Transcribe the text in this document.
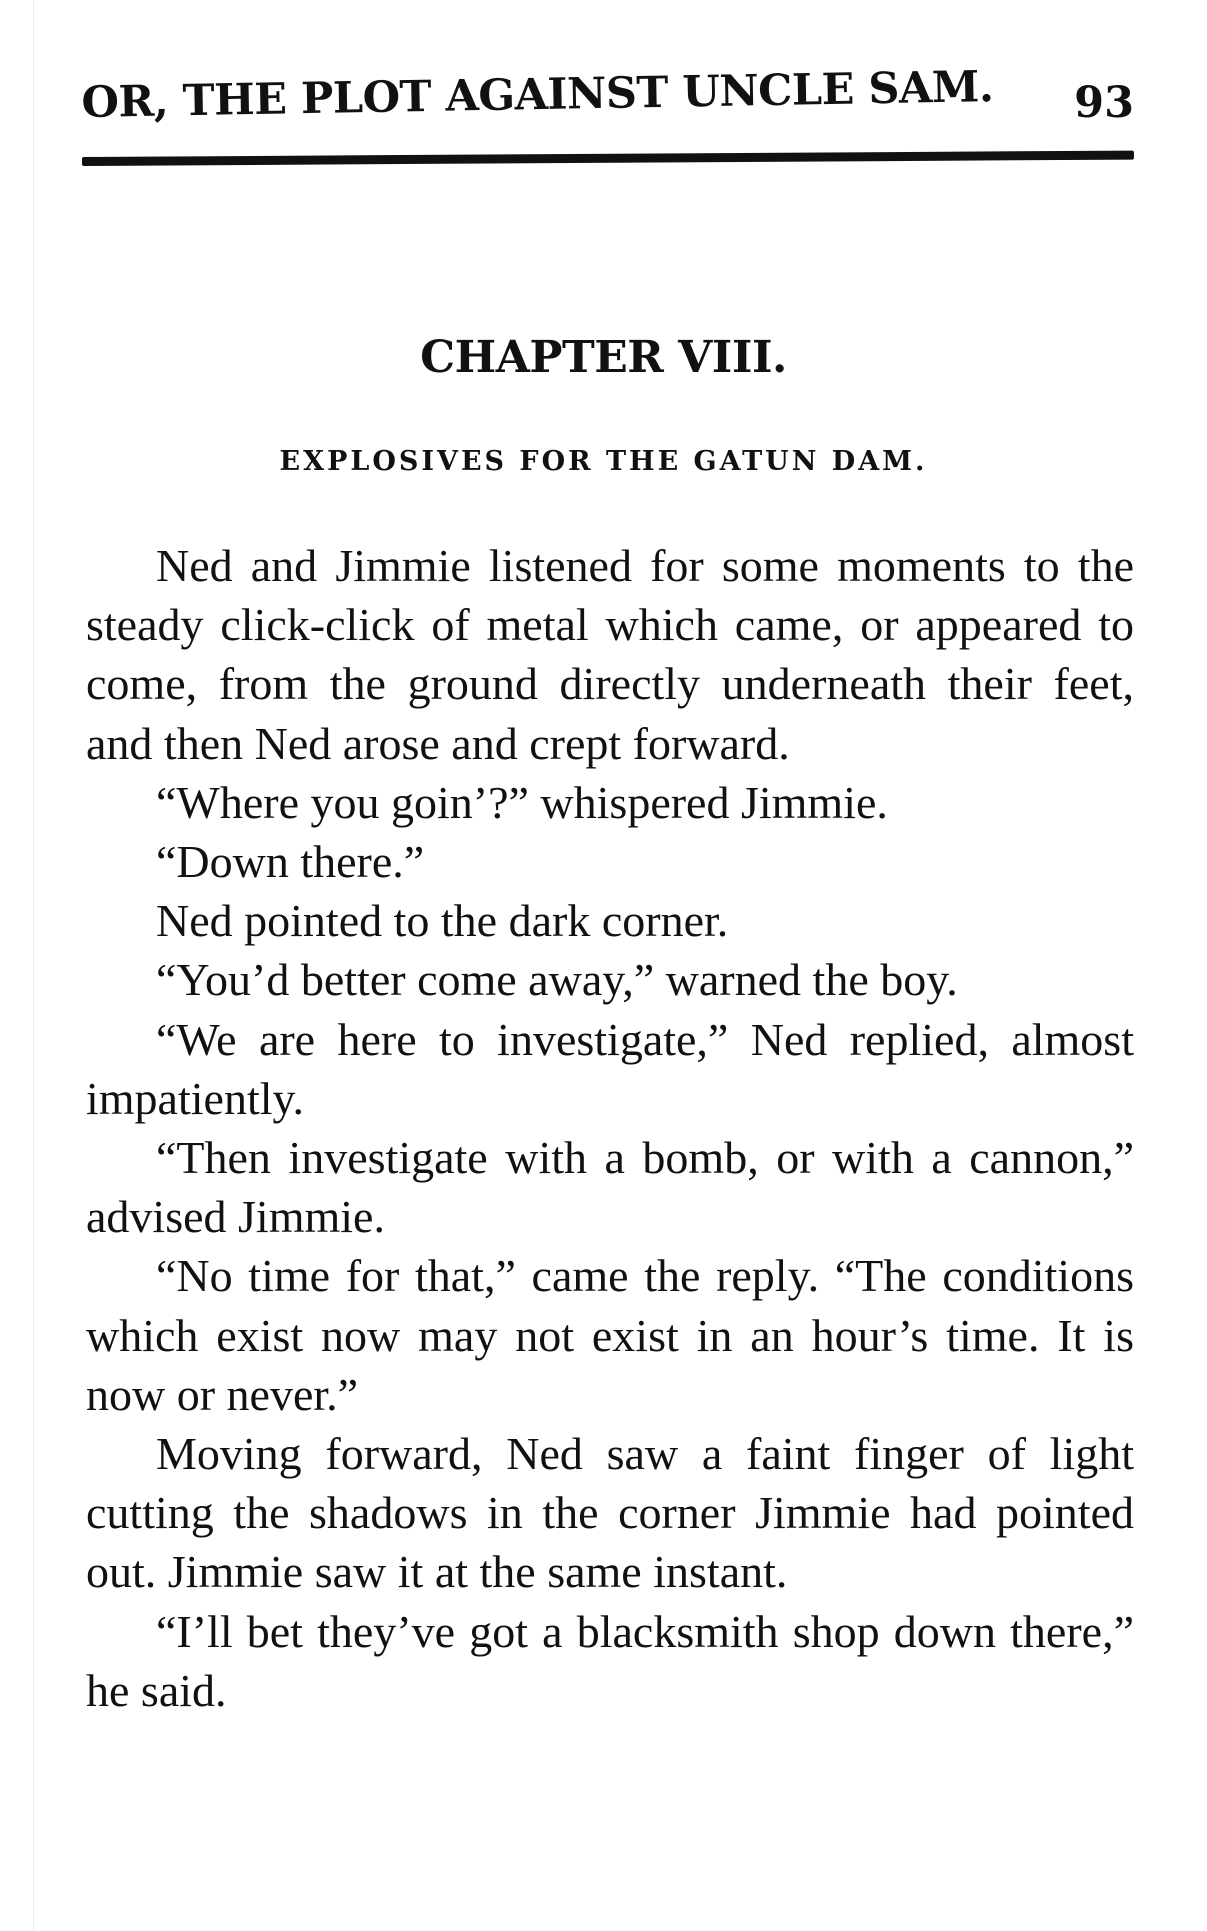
OR, THE PLOT AGAINST UNCLE SAM. 93
CHAPTER VIII.
EXPLOSIVES FOR THE GATUN DAM.

Ned and Jimmie listened for some moments to the steady click-click of metal which came, or appeared to come, from the ground directly underneath their feet, and then Ned arose and crept forward.

“Where you goin’?” whispered Jimmie.

“Down there.”

Ned pointed to the dark corner.

“You’d better come away,” warned the boy.

“We are here to investigate,” Ned replied, almost impatiently.

“Then investigate with a bomb, or with a cannon,” advised Jimmie.

“No time for that,” came the reply. “The conditions which exist now may not exist in an hour’s time. It is now or never.”

Moving forward, Ned saw a faint finger of light cutting the shadows in the corner Jimmie had pointed out. Jimmie saw it at the same instant.

“I’ll bet they’ve got a blacksmith shop down there,” he said.
